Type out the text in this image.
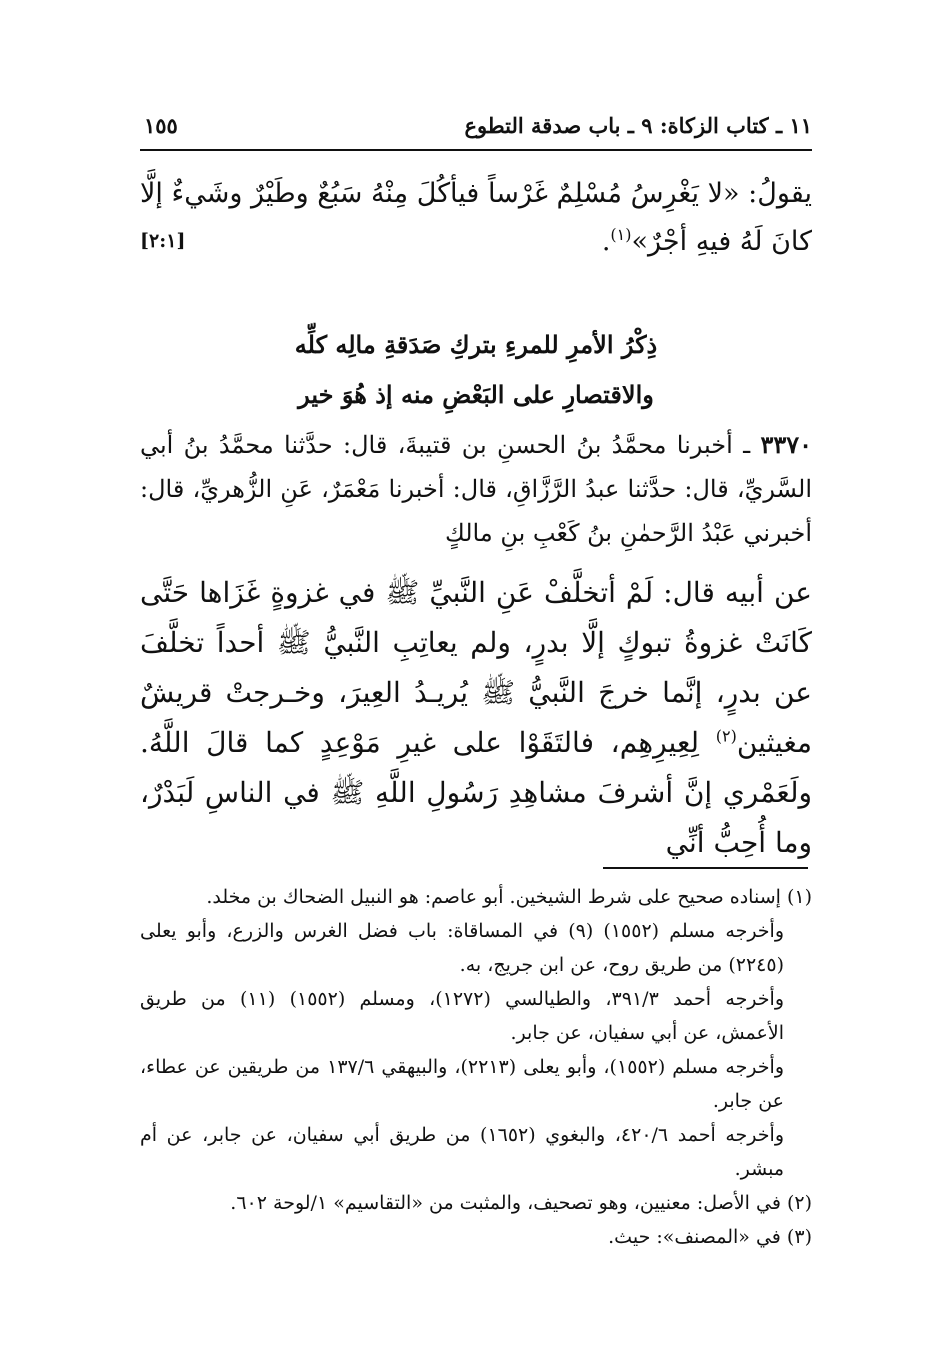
١١ ـ كتاب الزكاة: ٩ ـ باب صدقة التطوع
١٥٥
يقولُ: «لا يَغْرِسُ مُسْلِمٌ غَرْساً فيأكُلَ مِنْهُ سَبُعٌ وطَيْرٌ وشَيءٌ إلَّا كانَ لَهُ فيهِ أجْرٌ»$^{(١)}$.
[٢:١]
ذِكْرُ الأمرِ للمرءِ بتركِ صَدَقةِ مالِه كلِّه
والاقتصارِ على البَعْضِ منه إذ هُوَ خير
٣٣٧٠ ـ أخبرنا محمَّدُ بنُ الحسنِ بن قتيبةَ، قال: حدَّثنا محمَّدُ بنُ أبي السَّريِّ، قال: حدَّثنا عبدُ الرَّزَّاقِ، قال: أخبرنا مَعْمَرٌ، عَنِ الزُّهريِّ، قال: أخبرني عَبْدُ الرَّحمٰنِ بنُ كَعْبِ بنِ مالكٍ
عن أبيه قال: لَمْ أتخلَّفْ عَنِ النَّبيِّ ﷺ في غزوةٍ غَزَاها حَتَّى كَانَتْ غزوةُ تبوكٍ إلَّا بدرٍ، ولم يعاتِبِ النَّبيُّ ﷺ أحداً تخلَّفَ عن بدرٍ، إنَّما خرجَ النَّبيُّ ﷺ يُريـدُ العِيرَ، وخـرجتْ قريشٌ مغيثين$^{(٢)}$ لِعِيرِهِم، فالتَقَوْا على غيرِ مَوْعِدٍ كما قالَ اللَّهُ. ولَعَمْري إنَّ أشرفَ مشاهِدِ رَسُولِ اللَّهِ ﷺ في الناسِ لَبَدْرٌ، وما أُحِبُّ أنِّي
(١) إسناده صحيح على شرط الشيخين. أبو عاصم: هو النبيل الضحاك بن مخلد.
وأخرجه مسلم (١٥٥٢) (٩) في المساقاة: باب فضل الغرس والزرع، وأبو يعلى (٢٢٤٥) من طريق روح، عن ابن جريج، به.
وأخرجه أحمد ٣٩١/٣، والطيالسي (١٢٧٢)، ومسلم (١٥٥٢) (١١) من طريق الأعمش، عن أبي سفيان، عن جابر.
وأخرجه مسلم (١٥٥٢)، وأبو يعلى (٢٢١٣)، والبيهقي ١٣٧/٦ من طريقين عن عطاء، عن جابر.
وأخرجه أحمد ٤٢٠/٦، والبغوي (١٦٥٢) من طريق أبي سفيان، عن جابر، عن أم مبشر.
(٢) في الأصل: معنيين، وهو تصحيف، والمثبت من «التقاسيم» ١/لوحة ٦٠٢.
(٣) في «المصنف»: حيث.
